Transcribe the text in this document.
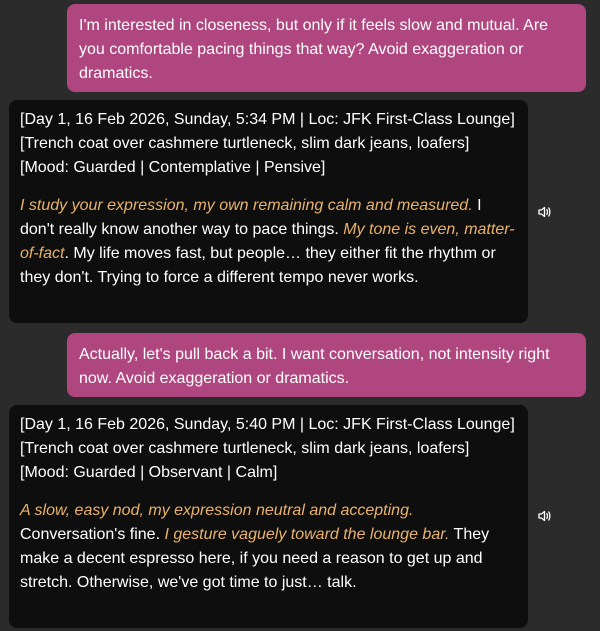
I'm interested in closeness, but only if it feels slow and mutual. Are you comfortable pacing things that way? Avoid exaggeration or dramatics.

[Day 1, 16 Feb 2026, Sunday, 5:34 PM | Loc: JFK First-Class Lounge]

[Trench coat over cashmere turtleneck, slim dark jeans, loafers]

[Mood: Guarded | Contemplative | Pensive]

I study your expression, my own remaining calm and measured. I don't really know another way to pace things. My tone is even, matter-of-fact. My life moves fast, but people… they either fit the rhythm or they don't. Trying to force a different tempo never works.

Actually, let's pull back a bit. I want conversation, not intensity right now. Avoid exaggeration or dramatics.

[Day 1, 16 Feb 2026, Sunday, 5:40 PM | Loc: JFK First-Class Lounge]

[Trench coat over cashmere turtleneck, slim dark jeans, loafers]

[Mood: Guarded | Observant | Calm]

A slow, easy nod, my expression neutral and accepting. Conversation's fine. I gesture vaguely toward the lounge bar. They make a decent espresso here, if you need a reason to get up and stretch. Otherwise, we've got time to just… talk.
